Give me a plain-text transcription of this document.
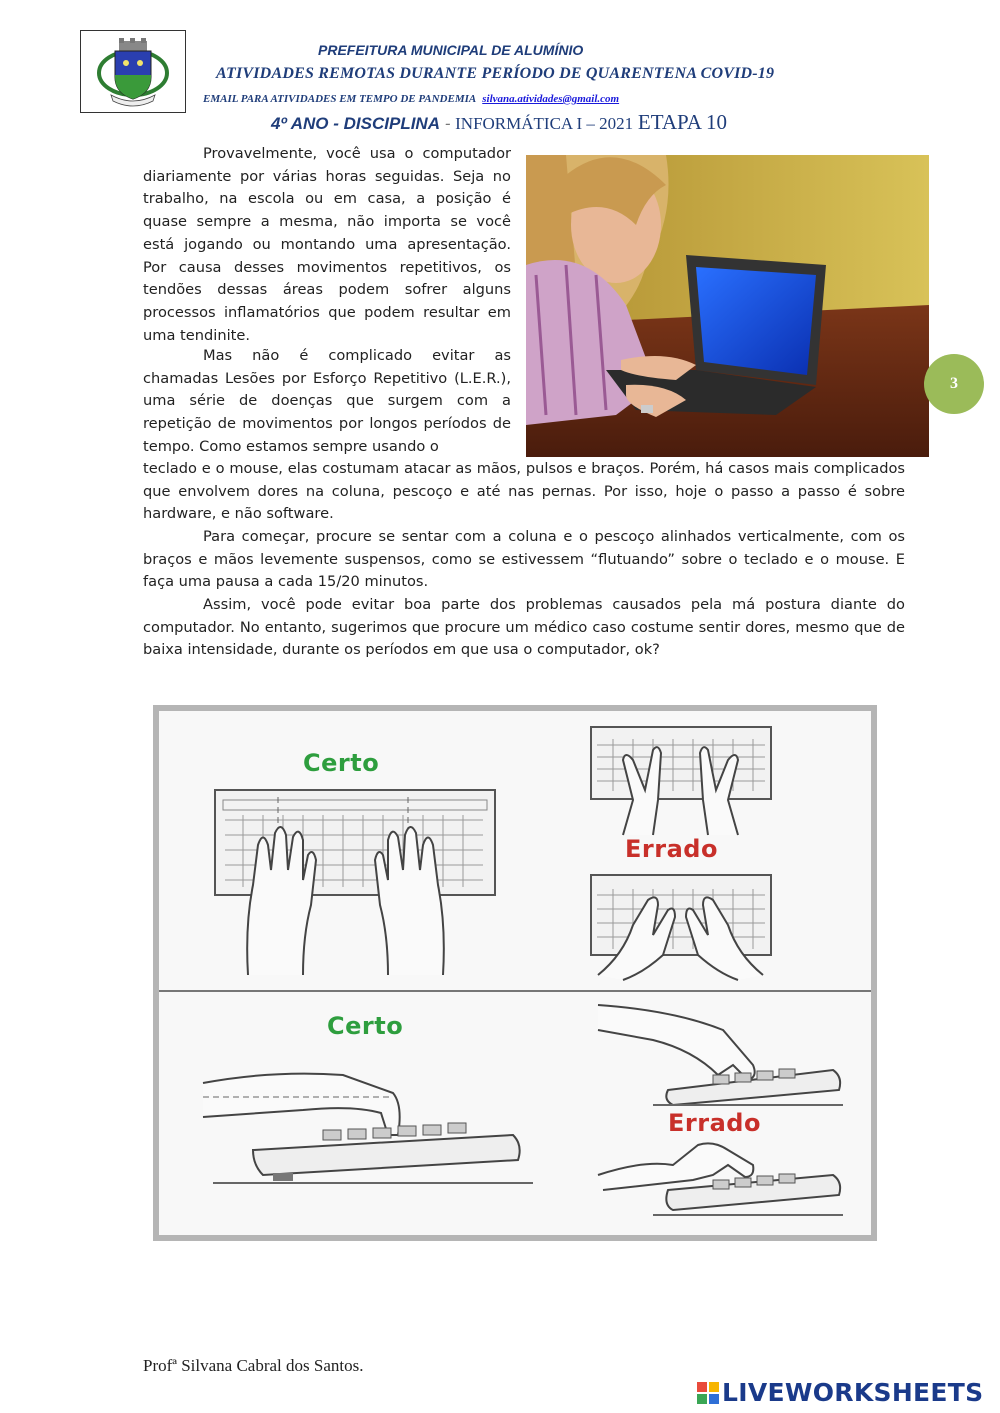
PREFEITURA MUNICIPAL DE ALUMÍNIO
ATIVIDADES REMOTAS DURANTE PERÍODO DE QUARENTENA COVID-19
EMAIL PARA ATIVIDADES EM TEMPO DE PANDEMIA silvana.atividades@gmail.com
4º ANO - DISCIPLINA - INFORMÁTICA I – 2021 ETAPA 10

Provavelmente, você usa o computador diariamente por várias horas seguidas. Seja no trabalho, na escola ou em casa, a posição é quase sempre a mesma, não importa se você está jogando ou montando uma apresentação. Por causa desses movimentos repetitivos, os tendões dessas áreas podem sofrer alguns processos inflamatórios que podem resultar em uma tendinite.

Mas não é complicado evitar as chamadas Lesões por Esforço Repetitivo (L.E.R.), uma série de doenças que surgem com a repetição de movimentos por longos períodos de tempo. Como estamos sempre usando o

teclado e o mouse, elas costumam atacar as mãos, pulsos e braços. Porém, há casos mais complicados que envolvem dores na coluna, pescoço e até nas pernas. Por isso, hoje o passo a passo é sobre hardware, e não software.

Para começar, procure se sentar com a coluna e o pescoço alinhados verticalmente, com os braços e mãos levemente suspensos, como se estivessem “flutuando” sobre o teclado e o mouse. E faça uma pausa a cada 15/20 minutos.

Assim, você pode evitar boa parte dos problemas causados pela má postura diante do computador. No entanto, sugerimos que procure um médico caso costume sentir dores, mesmo que de baixa intensidade, durante os períodos em que usa o computador, ok?

3
Certo
Errado
Certo
Errado
Profª Silvana Cabral dos Santos.
LIVEWORKSHEETS
